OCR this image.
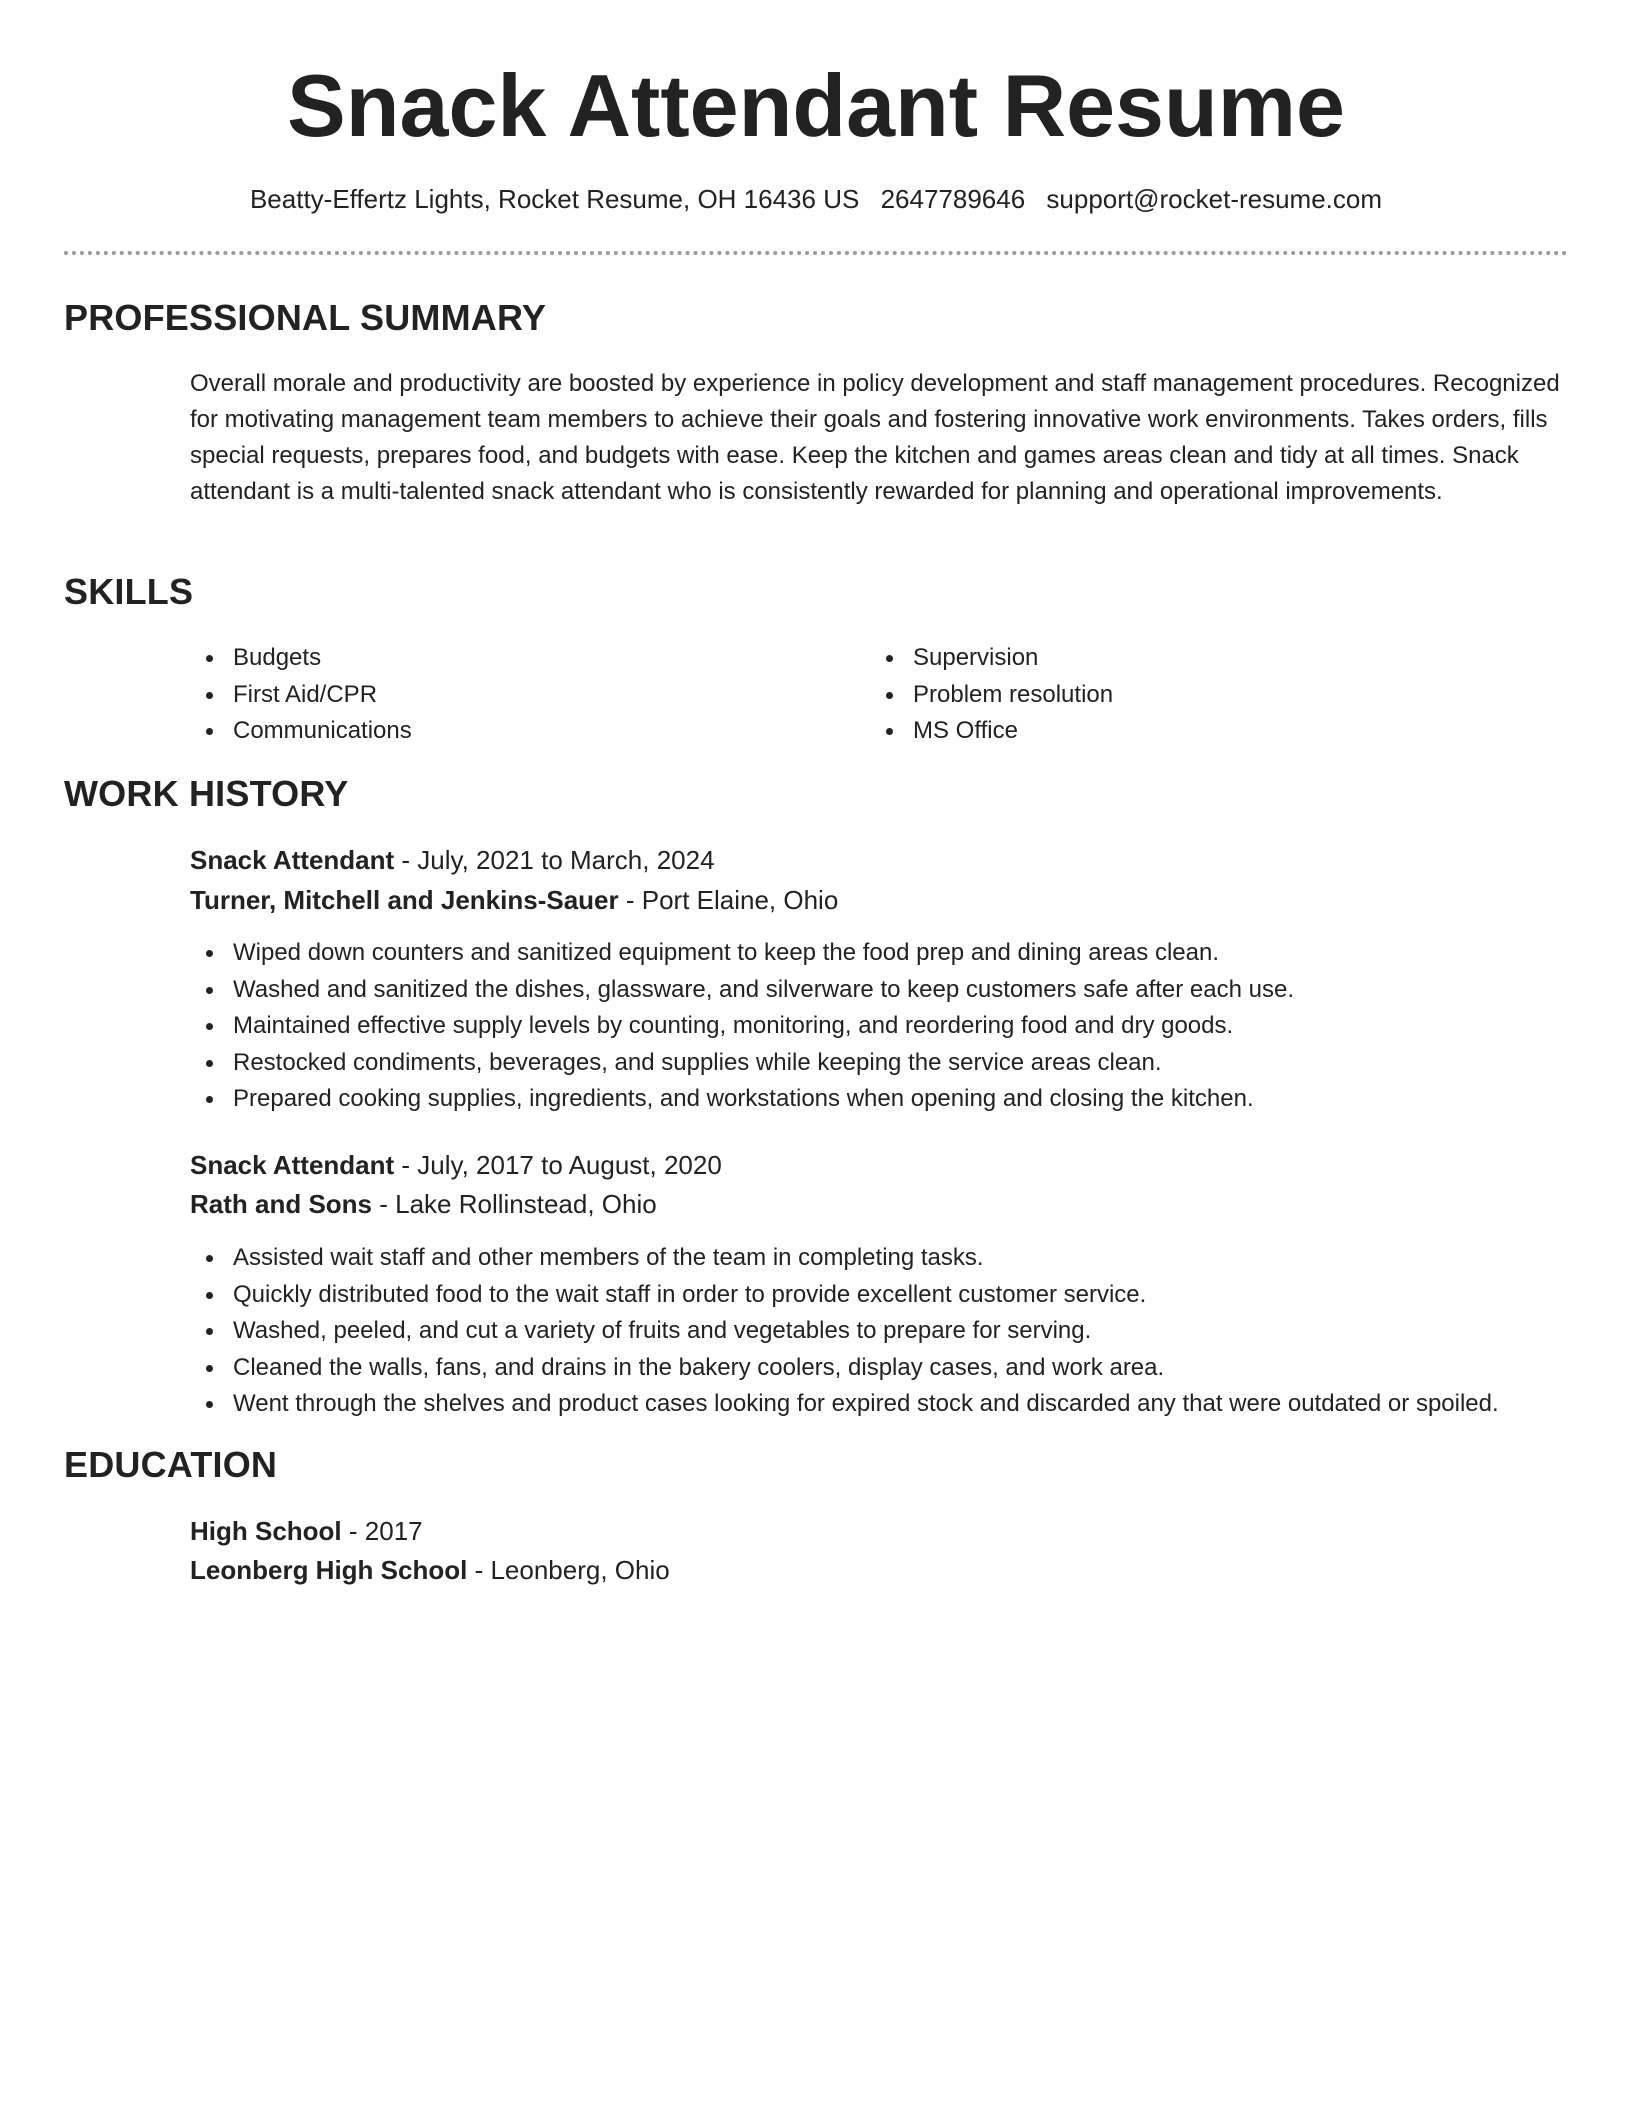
Snack Attendant Resume
Beatty-Effertz Lights, Rocket Resume, OH 16436 US 2647789646 support@rocket-resume.com
PROFESSIONAL SUMMARY

Overall morale and productivity are boosted by experience in policy development and staff management procedures. Recognized for motivating management team members to achieve their goals and fostering innovative work environments. Takes orders, fills special requests, prepares food, and budgets with ease. Keep the kitchen and games areas clean and tidy at all times. Snack attendant is a multi-talented snack attendant who is consistently rewarded for planning and operational improvements.

SKILLS
Budgets
First Aid/CPR
Communications
Supervision
Problem resolution
MS Office
WORK HISTORY
Snack Attendant - July, 2021 to March, 2024
Turner, Mitchell and Jenkins-Sauer - Port Elaine, Ohio
Wiped down counters and sanitized equipment to keep the food prep and dining areas clean.
Washed and sanitized the dishes, glassware, and silverware to keep customers safe after each use.
Maintained effective supply levels by counting, monitoring, and reordering food and dry goods.
Restocked condiments, beverages, and supplies while keeping the service areas clean.
Prepared cooking supplies, ingredients, and workstations when opening and closing the kitchen.
Snack Attendant - July, 2017 to August, 2020
Rath and Sons - Lake Rollinstead, Ohio
Assisted wait staff and other members of the team in completing tasks.
Quickly distributed food to the wait staff in order to provide excellent customer service.
Washed, peeled, and cut a variety of fruits and vegetables to prepare for serving.
Cleaned the walls, fans, and drains in the bakery coolers, display cases, and work area.
Went through the shelves and product cases looking for expired stock and discarded any that were outdated or spoiled.
EDUCATION
High School - 2017
Leonberg High School - Leonberg, Ohio
